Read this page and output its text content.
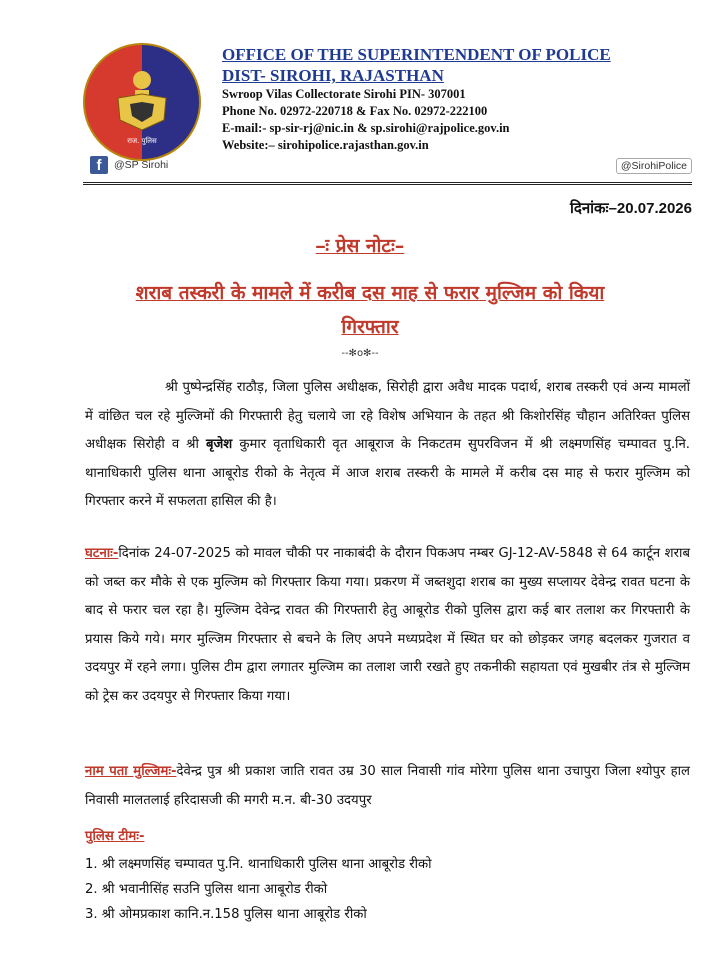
राज. पुलिस
OFFICE OF THE SUPERINTENDENT OF POLICE
DIST- SIROHI, RAJASTHAN
Swroop Vilas Collectorate Sirohi PIN- 307001
Phone No. 02972-220718 & Fax No. 02972-222100
E-mail:- sp-sir-rj@nic.in & sp.sirohi@rajpolice.gov.in
Website:– sirohipolice.rajasthan.gov.in
f	@SP Sirohi	@SirohiPolice
दिनांकः–20.07.2026
–ः प्रेस नोटः–
शराब तस्करी के मामले में करीब दस माह से फरार मुल्जिम को किया गिरफ्तार
--✻o✻--
श्री पुष्पेन्द्रसिंह राठौड़, जिला पुलिस अधीक्षक, सिरोही द्वारा अवैध मादक पदार्थ, शराब तस्करी एवं अन्य मामलों में वांछित चल रहे मुल्जिमों की गिरफ्तारी हेतु चलाये जा रहे विशेष अभियान के तहत श्री किशोरसिंह चौहान अतिरिक्त पुलिस अधीक्षक सिरोही व श्री बृजेश कुमार वृताधिकारी वृत आबूराज के निकटतम सुपरविजन में श्री लक्ष्मणसिंह चम्पावत पु.नि. थानाधिकारी पुलिस थाना आबूरोड रीको के नेतृत्व में आज शराब तस्करी के मामले में करीब दस माह से फरार मुल्जिम को गिरफ्तार करने में सफलता हासिल की है।
घटनाः-दिनांक 24-07-2025 को मावल चौकी पर नाकाबंदी के दौरान पिकअप नम्बर GJ-12-AV-5848 से 64 कार्टून शराब को जब्त कर मौके से एक मुल्जिम को गिरफ्तार किया गया। प्रकरण में जब्तशुदा शराब का मुख्य सप्लायर देवेन्द्र रावत घटना के बाद से फरार चल रहा है। मुल्जिम देवेन्द्र रावत की गिरफ्तारी हेतु आबूरोड रीको पुलिस द्वारा कई बार तलाश कर गिरफ्तारी के प्रयास किये गये। मगर मुल्जिम गिरफ्तार से बचने के लिए अपने मध्यप्रदेश में स्थित घर को छोड़कर जगह बदलकर गुजरात व उदयपुर में रहने लगा। पुलिस टीम द्वारा लगातर मुल्जिम का तलाश जारी रखते हुए तकनीकी सहायता एवं मुखबीर तंत्र से मुल्जिम को ट्रेस कर उदयपुर से गिरफ्तार किया गया।
नाम पता मुल्जिमः-देवेन्द्र पुत्र श्री प्रकाश जाति रावत उम्र 30 साल निवासी गांव मोरेगा पुलिस थाना उचापुरा जिला श्योपुर हाल निवासी मालतलाई हरिदासजी की मगरी म.न. बी-30 उदयपुर
पुलिस टीमः-
1. श्री लक्ष्मणसिंह चम्पावत पु.नि. थानाधिकारी पुलिस थाना आबूरोड रीको
2. श्री भवानीसिंह सउनि पुलिस थाना आबूरोड रीको
3. श्री ओमप्रकाश कानि.न.158 पुलिस थाना आबूरोड रीको
